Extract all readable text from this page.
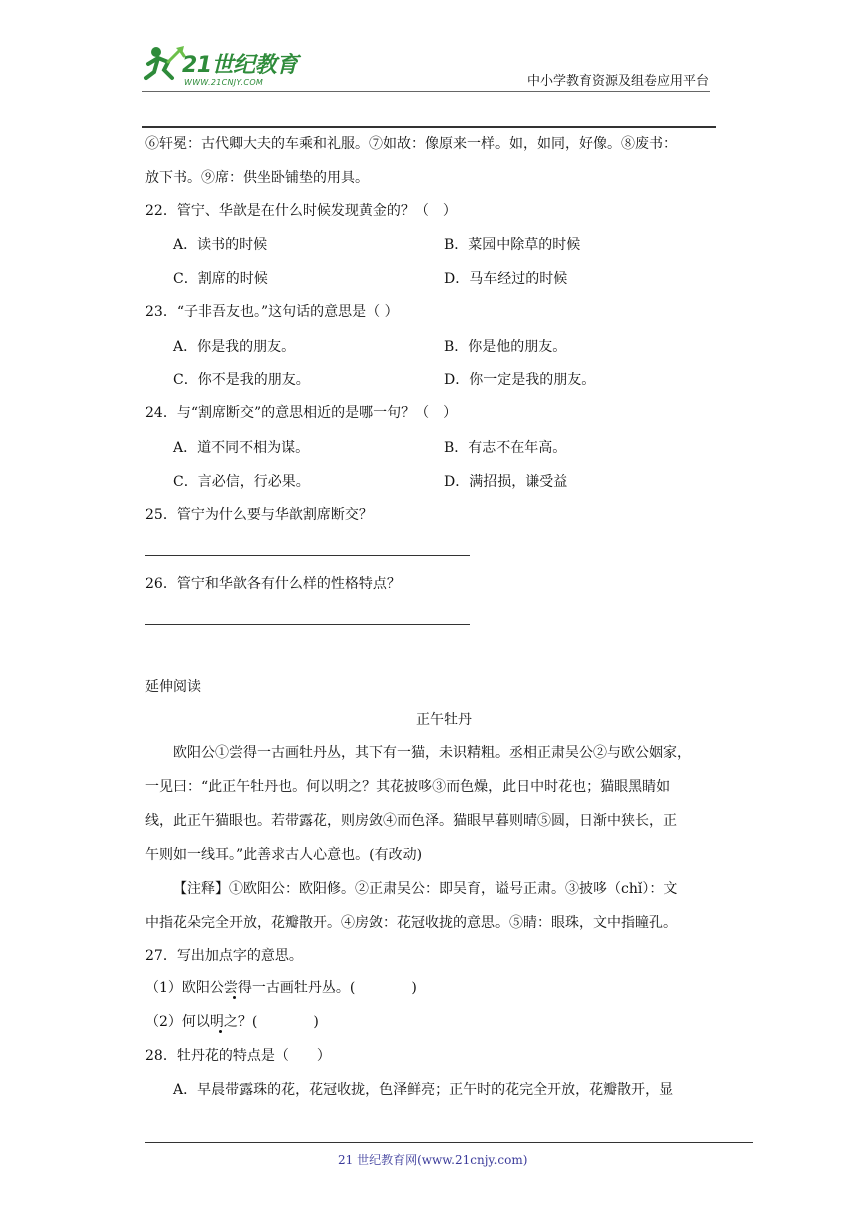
21世纪教育
WWW.21CNJY.COM	中小学教育资源及组卷应用平台
⑥轩冕：古代卿大夫的车乘和礼服。⑦如故：像原来一样。如，如同，好像。⑧废书：
放下书。⑨席：供坐卧铺垫的用具。
22．管宁、华歆是在什么时候发现黄金的？（　）
A．读书的时候	B．菜园中除草的时候
C．割席的时候	D．马车经过的时候
23．“子非吾友也。”这句话的意思是（ ）
A．你是我的朋友。	B．你是他的朋友。
C．你不是我的朋友。	D．你一定是我的朋友。
24．与“割席断交”的意思相近的是哪一句？（　）
A．道不同不相为谋。	B．有志不在年高。
C．言必信，行必果。	D．满招损，谦受益
25．管宁为什么要与华歆割席断交？
26．管宁和华歆各有什么样的性格特点？
延伸阅读
正午牡丹
欧阳公①尝得一古画牡丹丛，其下有一猫，未识精粗。丞相正肃吴公②与欧公姻家，
一见曰：“此正午牡丹也。何以明之？其花披哆③而色燥，此日中时花也；猫眼黑睛如
线，此正午猫眼也。若带露花，则房敛④而色泽。猫眼早暮则晴⑤圆，日渐中狭长，正
午则如一线耳。”此善求古人心意也。(有改动)
【注释】①欧阳公：欧阳修。②正肃吴公：即吴育，谥号正肃。③披哆（chǐ）：文
中指花朵完全开放，花瓣散开。④房敛：花冠收拢的意思。⑤睛：眼珠，文中指瞳孔。
27．写出加点字的意思。
（1）欧阳公尝得一古画牡丹丛。(　　　　)
（2）何以明之？(　　　　)
28．牡丹花的特点是（　　）
A．早晨带露珠的花，花冠收拢，色泽鲜亮；正午时的花完全开放，花瓣散开，显
21 世纪教育网(www.21cnjy.com)
